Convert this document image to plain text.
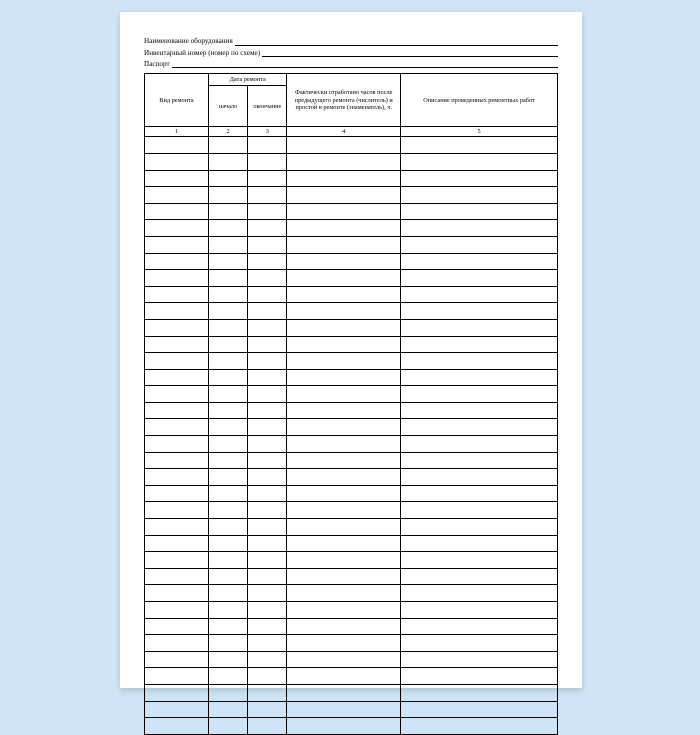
Наименование оборудования
Инвентарный номер (номер по схеме)
Паспорт
Вид ремонта	Дата ремонта		Фактически отработано часов после предыдущего ремонта (числитель) и простой в ремонте (знаменатель), ч.	Описание проведенных ремонтных работ
	начало	окончание		
1	2	3	4	5
